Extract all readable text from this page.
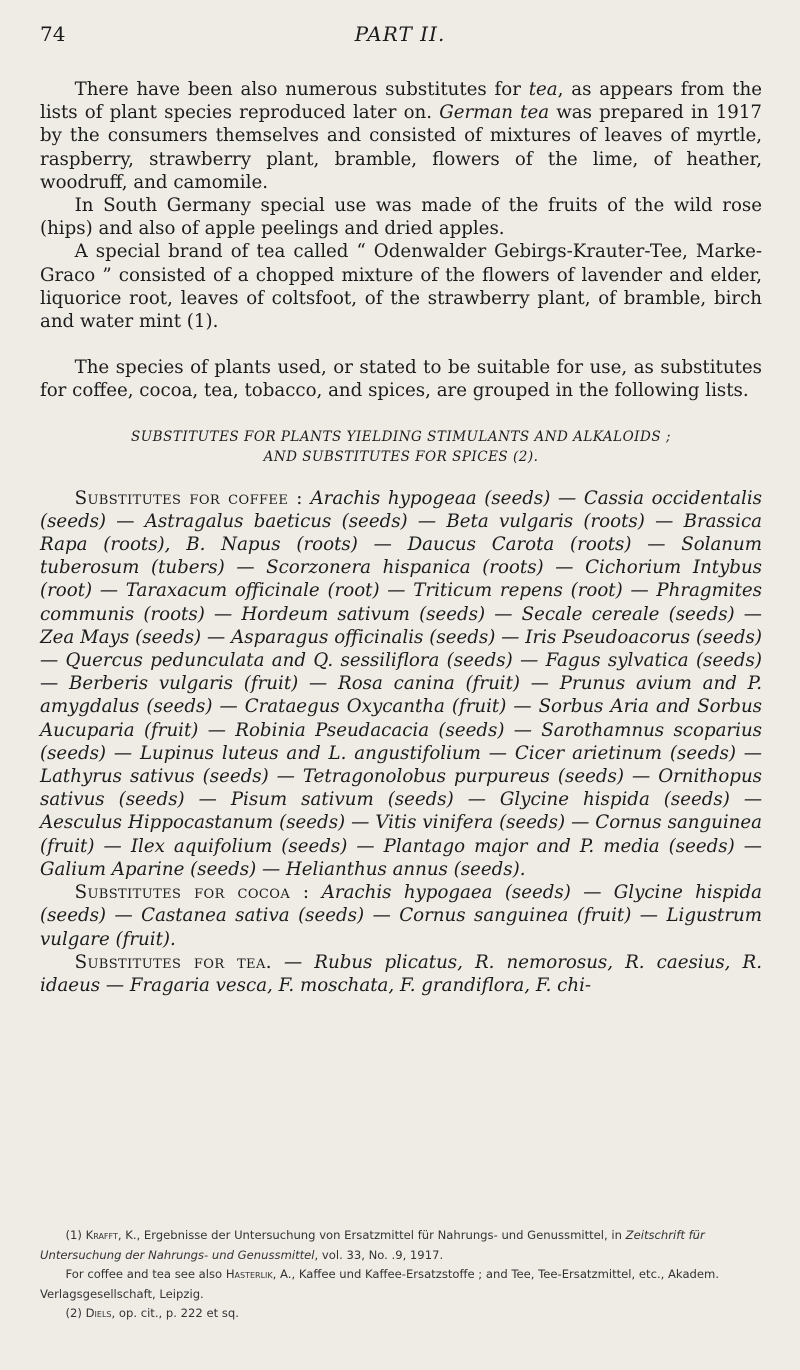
74	PART II.

There have been also numerous substitutes for tea, as appears from the lists of plant species reproduced later on. German tea was prepared in 1917 by the consumers themselves and consisted of mixtures of leaves of myrtle, raspberry, strawberry plant, bramble, flowers of the lime, of heather, woodruff, and camomile.

In South Germany special use was made of the fruits of the wild rose (hips) and also of apple peelings and dried apples.

A special brand of tea called “ Odenwalder Gebirgs-Krauter-Tee, Marke-Graco ” consisted of a chopped mixture of the flowers of lavender and elder, liquorice root, leaves of coltsfoot, of the strawberry plant, of bramble, birch and water mint (1).

The species of plants used, or stated to be suitable for use, as substitutes for coffee, cocoa, tea, tobacco, and spices, are grouped in the following lists.

SUBSTITUTES FOR PLANTS YIELDING STIMULANTS AND ALKALOIDS ;
AND SUBSTITUTES FOR SPICES (2).

Substitutes for coffee : Arachis hypogeaa (seeds) — Cassia occidentalis (seeds) — Astragalus baeticus (seeds) — Beta vulgaris (roots) — Brassica Rapa (roots), B. Napus (roots) — Daucus Carota (roots) — Solanum tuberosum (tubers) — Scorzonera hispanica (roots) — Cichorium Intybus (root) — Taraxacum officinale (root) — Triticum repens (root) — Phragmites communis (roots) — Hordeum sativum (seeds) — Secale cereale (seeds) — Zea Mays (seeds) — Asparagus officinalis (seeds) — Iris Pseudoacorus (seeds) — Quercus pedunculata and Q. sessiliflora (seeds) — Fagus sylvatica (seeds) — Berberis vulgaris (fruit) — Rosa canina (fruit) — Prunus avium and P. amygdalus (seeds) — Crataegus Oxycantha (fruit) — Sorbus Aria and Sorbus Aucuparia (fruit) — Robinia Pseudacacia (seeds) — Sarothamnus scoparius (seeds) — Lupinus luteus and L. angustifolium — Cicer arietinum (seeds) — Lathyrus sativus (seeds) — Tetragonolobus purpureus (seeds) — Ornithopus sativus (seeds) — Pisum sativum (seeds) — Glycine hispida (seeds) — Aesculus Hippocastanum (seeds) — Vitis vinifera (seeds) — Cornus sanguinea (fruit) — Ilex aquifolium (seeds) — Plantago major and P. media (seeds) — Galium Aparine (seeds) — Helianthus annus (seeds).

Substitutes for cocoa : Arachis hypogaea (seeds) — Glycine hispida (seeds) — Castanea sativa (seeds) — Cornus sanguinea (fruit) — Ligustrum vulgare (fruit).

Substitutes for tea. — Rubus plicatus, R. nemorosus, R. caesius, R. idaeus — Fragaria vesca, F. moschata, F. grandiflora, F. chi-

(1) Krafft, K., Ergebnisse der Untersuchung von Ersatzmittel für Nahrungs- und Genussmittel, in Zeitschrift für Untersuchung der Nahrungs- und Genussmittel, vol. 33, No. .9, 1917.

For coffee and tea see also Hasterlik, A., Kaffee und Kaffee-Ersatzstoffe ; and Tee, Tee-Ersatzmittel, etc., Akadem. Verlagsgesellschaft, Leipzig.

(2) Diels, op. cit., p. 222 et sq.
